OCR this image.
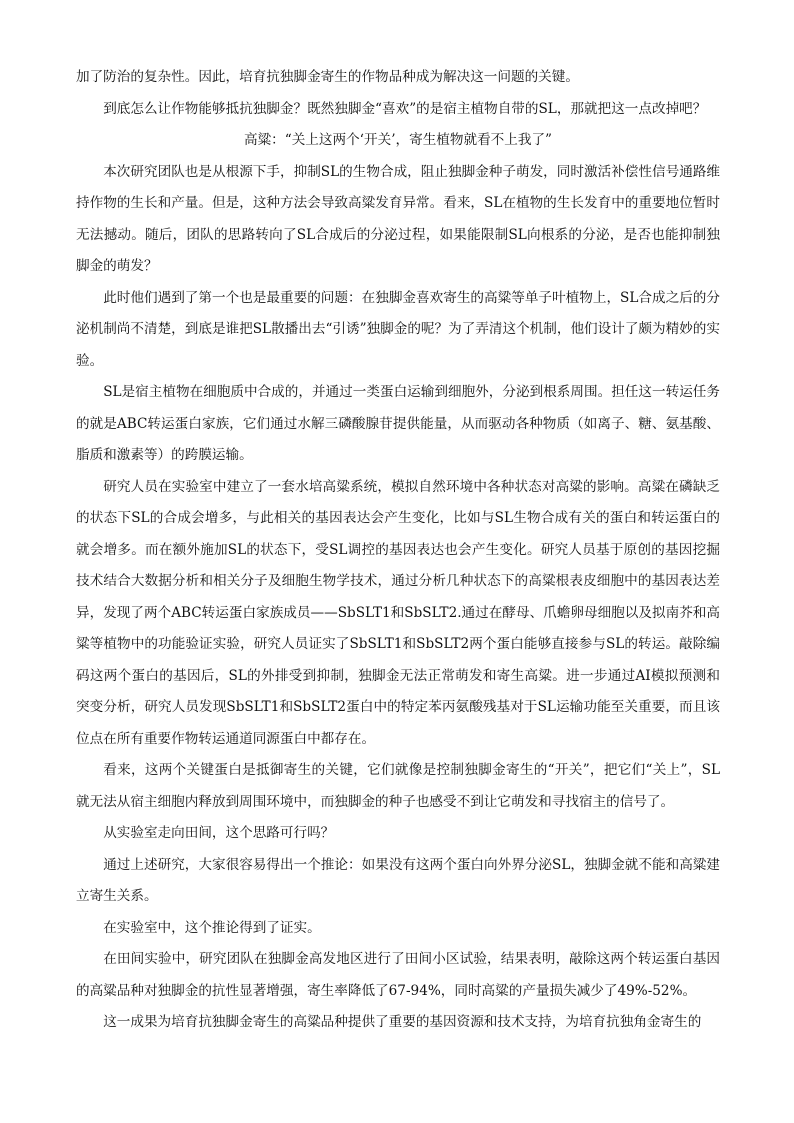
加了防治的复杂性。因此，培育抗独脚金寄生的作物品种成为解决这一问题的关键。

到底怎么让作物能够抵抗独脚金？既然独脚金“喜欢”的是宿主植物自带的SL，那就把这一点改掉吧？

高粱：“关上这两个‘开关’，寄生植物就看不上我了”

本次研究团队也是从根源下手，抑制SL的生物合成，阻止独脚金种子萌发，同时激活补偿性信号通路维持作物的生长和产量。但是，这种方法会导致高粱发育异常。看来，SL在植物的生长发育中的重要地位暂时无法撼动。随后，团队的思路转向了SL合成后的分泌过程，如果能限制SL向根系的分泌，是否也能抑制独脚金的萌发？

此时他们遇到了第一个也是最重要的问题：在独脚金喜欢寄生的高粱等单子叶植物上，SL合成之后的分泌机制尚不清楚，到底是谁把SL散播出去“引诱”独脚金的呢？为了弄清这个机制，他们设计了颇为精妙的实验。

SL是宿主植物在细胞质中合成的，并通过一类蛋白运输到细胞外，分泌到根系周围。担任这一转运任务的就是ABC转运蛋白家族，它们通过水解三磷酸腺苷提供能量，从而驱动各种物质（如离子、糖、氨基酸、脂质和激素等）的跨膜运输。

研究人员在实验室中建立了一套水培高粱系统，模拟自然环境中各种状态对高粱的影响。高粱在磷缺乏的状态下SL的合成会增多，与此相关的基因表达会产生变化，比如与SL生物合成有关的蛋白和转运蛋白的就会增多。而在额外施加SL的状态下，受SL调控的基因表达也会产生变化。研究人员基于原创的基因挖掘技术结合大数据分析和相关分子及细胞生物学技术，通过分析几种状态下的高粱根表皮细胞中的基因表达差异，发现了两个ABC转运蛋白家族成员——SbSLT1和SbSLT2.通过在酵母、爪蟾卵母细胞以及拟南芥和高粱等植物中的功能验证实验，研究人员证实了SbSLT1和SbSLT2两个蛋白能够直接参与SL的转运。敲除编码这两个蛋白的基因后，SL的外排受到抑制，独脚金无法正常萌发和寄生高粱。进一步通过AI模拟预测和突变分析，研究人员发现SbSLT1和SbSLT2蛋白中的特定苯丙氨酸残基对于SL运输功能至关重要，而且该位点在所有重要作物转运通道同源蛋白中都存在。

看来，这两个关键蛋白是抵御寄生的关键，它们就像是控制独脚金寄生的“开关”，把它们“关上”，SL就无法从宿主细胞内释放到周围环境中，而独脚金的种子也感受不到让它萌发和寻找宿主的信号了。

从实验室走向田间，这个思路可行吗？

通过上述研究，大家很容易得出一个推论：如果没有这两个蛋白向外界分泌SL，独脚金就不能和高粱建立寄生关系。

在实验室中，这个推论得到了证实。

在田间实验中，研究团队在独脚金高发地区进行了田间小区试验，结果表明，敲除这两个转运蛋白基因的高粱品种对独脚金的抗性显著增强，寄生率降低了67-94%，同时高粱的产量损失减少了49%-52%。

这一成果为培育抗独脚金寄生的高粱品种提供了重要的基因资源和技术支持，为培育抗独角金寄生的
